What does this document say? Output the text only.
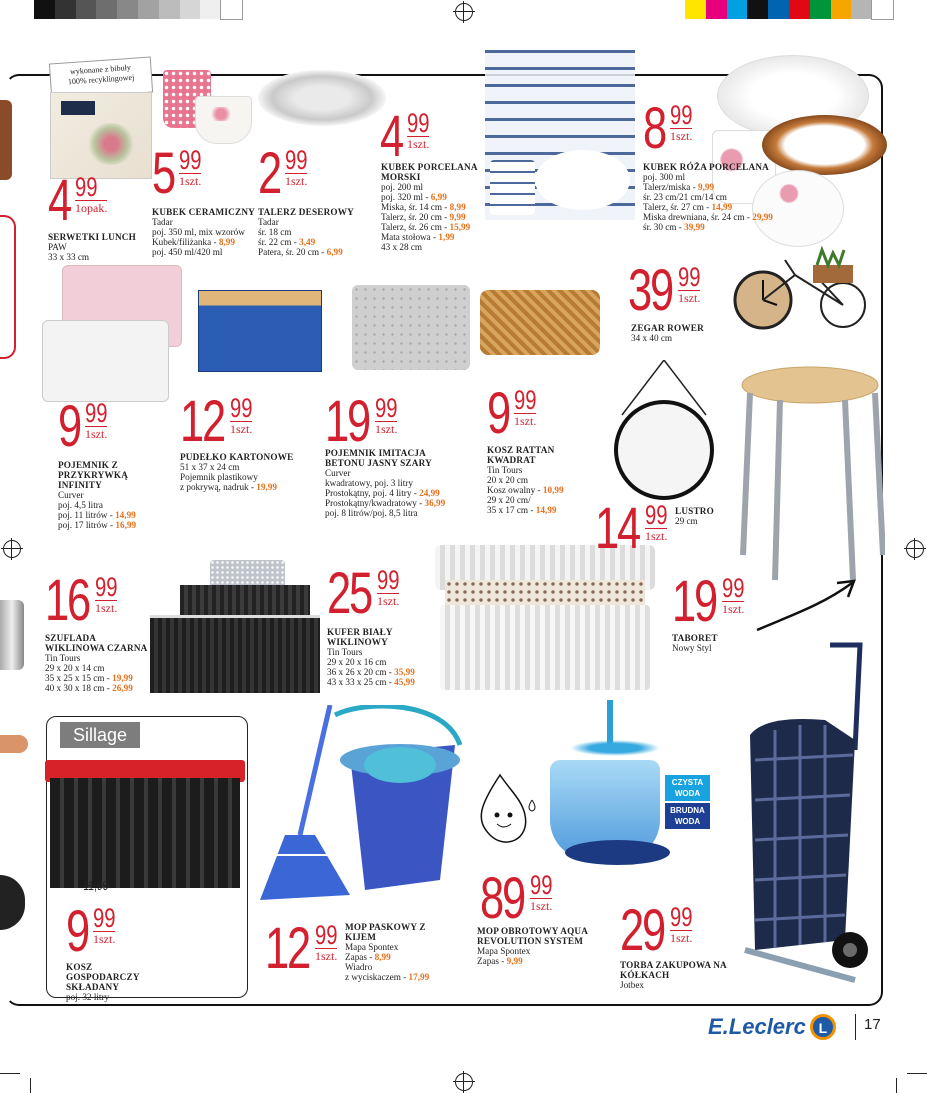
wykonane z bibuły
100% recyklingowej
Sillage
CZYSTA WODA
BRUDNA WODA
4 99
1opak.
SERWETKI LUNCH
PAW
33 x 33 cm
5 99
1szt.
KUBEK CERAMICZNY
Tadar
poj. 350 ml, mix wzorów
Kubek/filiżanka - 8,99
poj. 450 ml/420 ml
2 99
1szt.
TALERZ DESEROWY
Tadar
śr. 18 cm
śr. 22 cm - 3,49
Patera, śr. 20 cm - 6,99
4 99
1szt.
KUBEK PORCELANA MORSKI
poj. 200 ml
poj. 320 ml - 6,99
Miska, śr. 14 cm - 8,99
Talerz, śr. 20 cm - 9,99
Talerz, śr. 26 cm - 15,99
Mata stołowa - 1,99
43 x 28 cm
8 99
1szt.
KUBEK RÓŻA PORCELANA
poj. 300 ml
Talerz/miska - 9,99
śr. 23 cm/21 cm/14 cm
Talerz, śr. 27 cm - 14,99
Miska drewniana, śr. 24 cm - 29,99
śr. 30 cm - 39,99
39 99
1szt.
ZEGAR ROWER
34 x 40 cm
9 99
1szt.
POJEMNIK Z PRZYKRYWKĄ INFINITY
Curver
poj. 4,5 litra
poj. 11 litrów - 14,99
poj. 17 litrów - 16,99
12 99
1szt.
PUDEŁKO KARTONOWE
51 x 37 x 24 cm
Pojemnik plastikowy
z pokrywą, nadruk - 19,99
19 99
1szt.
POJEMNIK IMITACJA BETONU JASNY SZARY
Curver
kwadratowy, poj. 3 litry
Prostokątny, poj. 4 litry - 24,99
Prostokątny/kwadratowy - 36,99
poj. 8 litrów/poj. 8,5 litra
9 99
1szt.
KOSZ RATTAN KWADRAT
Tin Tours
20 x 20 cm
Kosz owalny - 10,99
29 x 20 cm/
35 x 17 cm - 14,99 14 99
1szt.
LUSTRO
29 cm
16 99
1szt.
SZUFLADA WIKLINOWA CZARNA
Tin Tours
29 x 20 x 14 cm
35 x 25 x 15 cm - 19,99
40 x 30 x 18 cm - 26,99
25 99
1szt.
KUFER BIAŁY WIKLINOWY
Tin Tours
29 x 20 x 16 cm
36 x 26 x 20 cm - 35,99
43 x 33 x 25 cm - 45,99
19 99
1szt.
TABORET
Nowy Styl
9 99
1szt.
11,99
KOSZ GOSPODARCZY SKŁADANY
poj. 32 litry
12 99
1szt.
MOP PASKOWY Z KIJEM
Mapa Spontex
Zapas - 8,99
Wiadro
z wyciskaczem - 17,99
89 99
1szt.
MOP OBROTOWY AQUA REVOLUTION SYSTEM
Mapa Spontex
Zapas - 9,99	29 99
1szt.
TORBA ZAKUPOWA NA KÓŁKACH
Jotbex
E.Leclerc L	17
